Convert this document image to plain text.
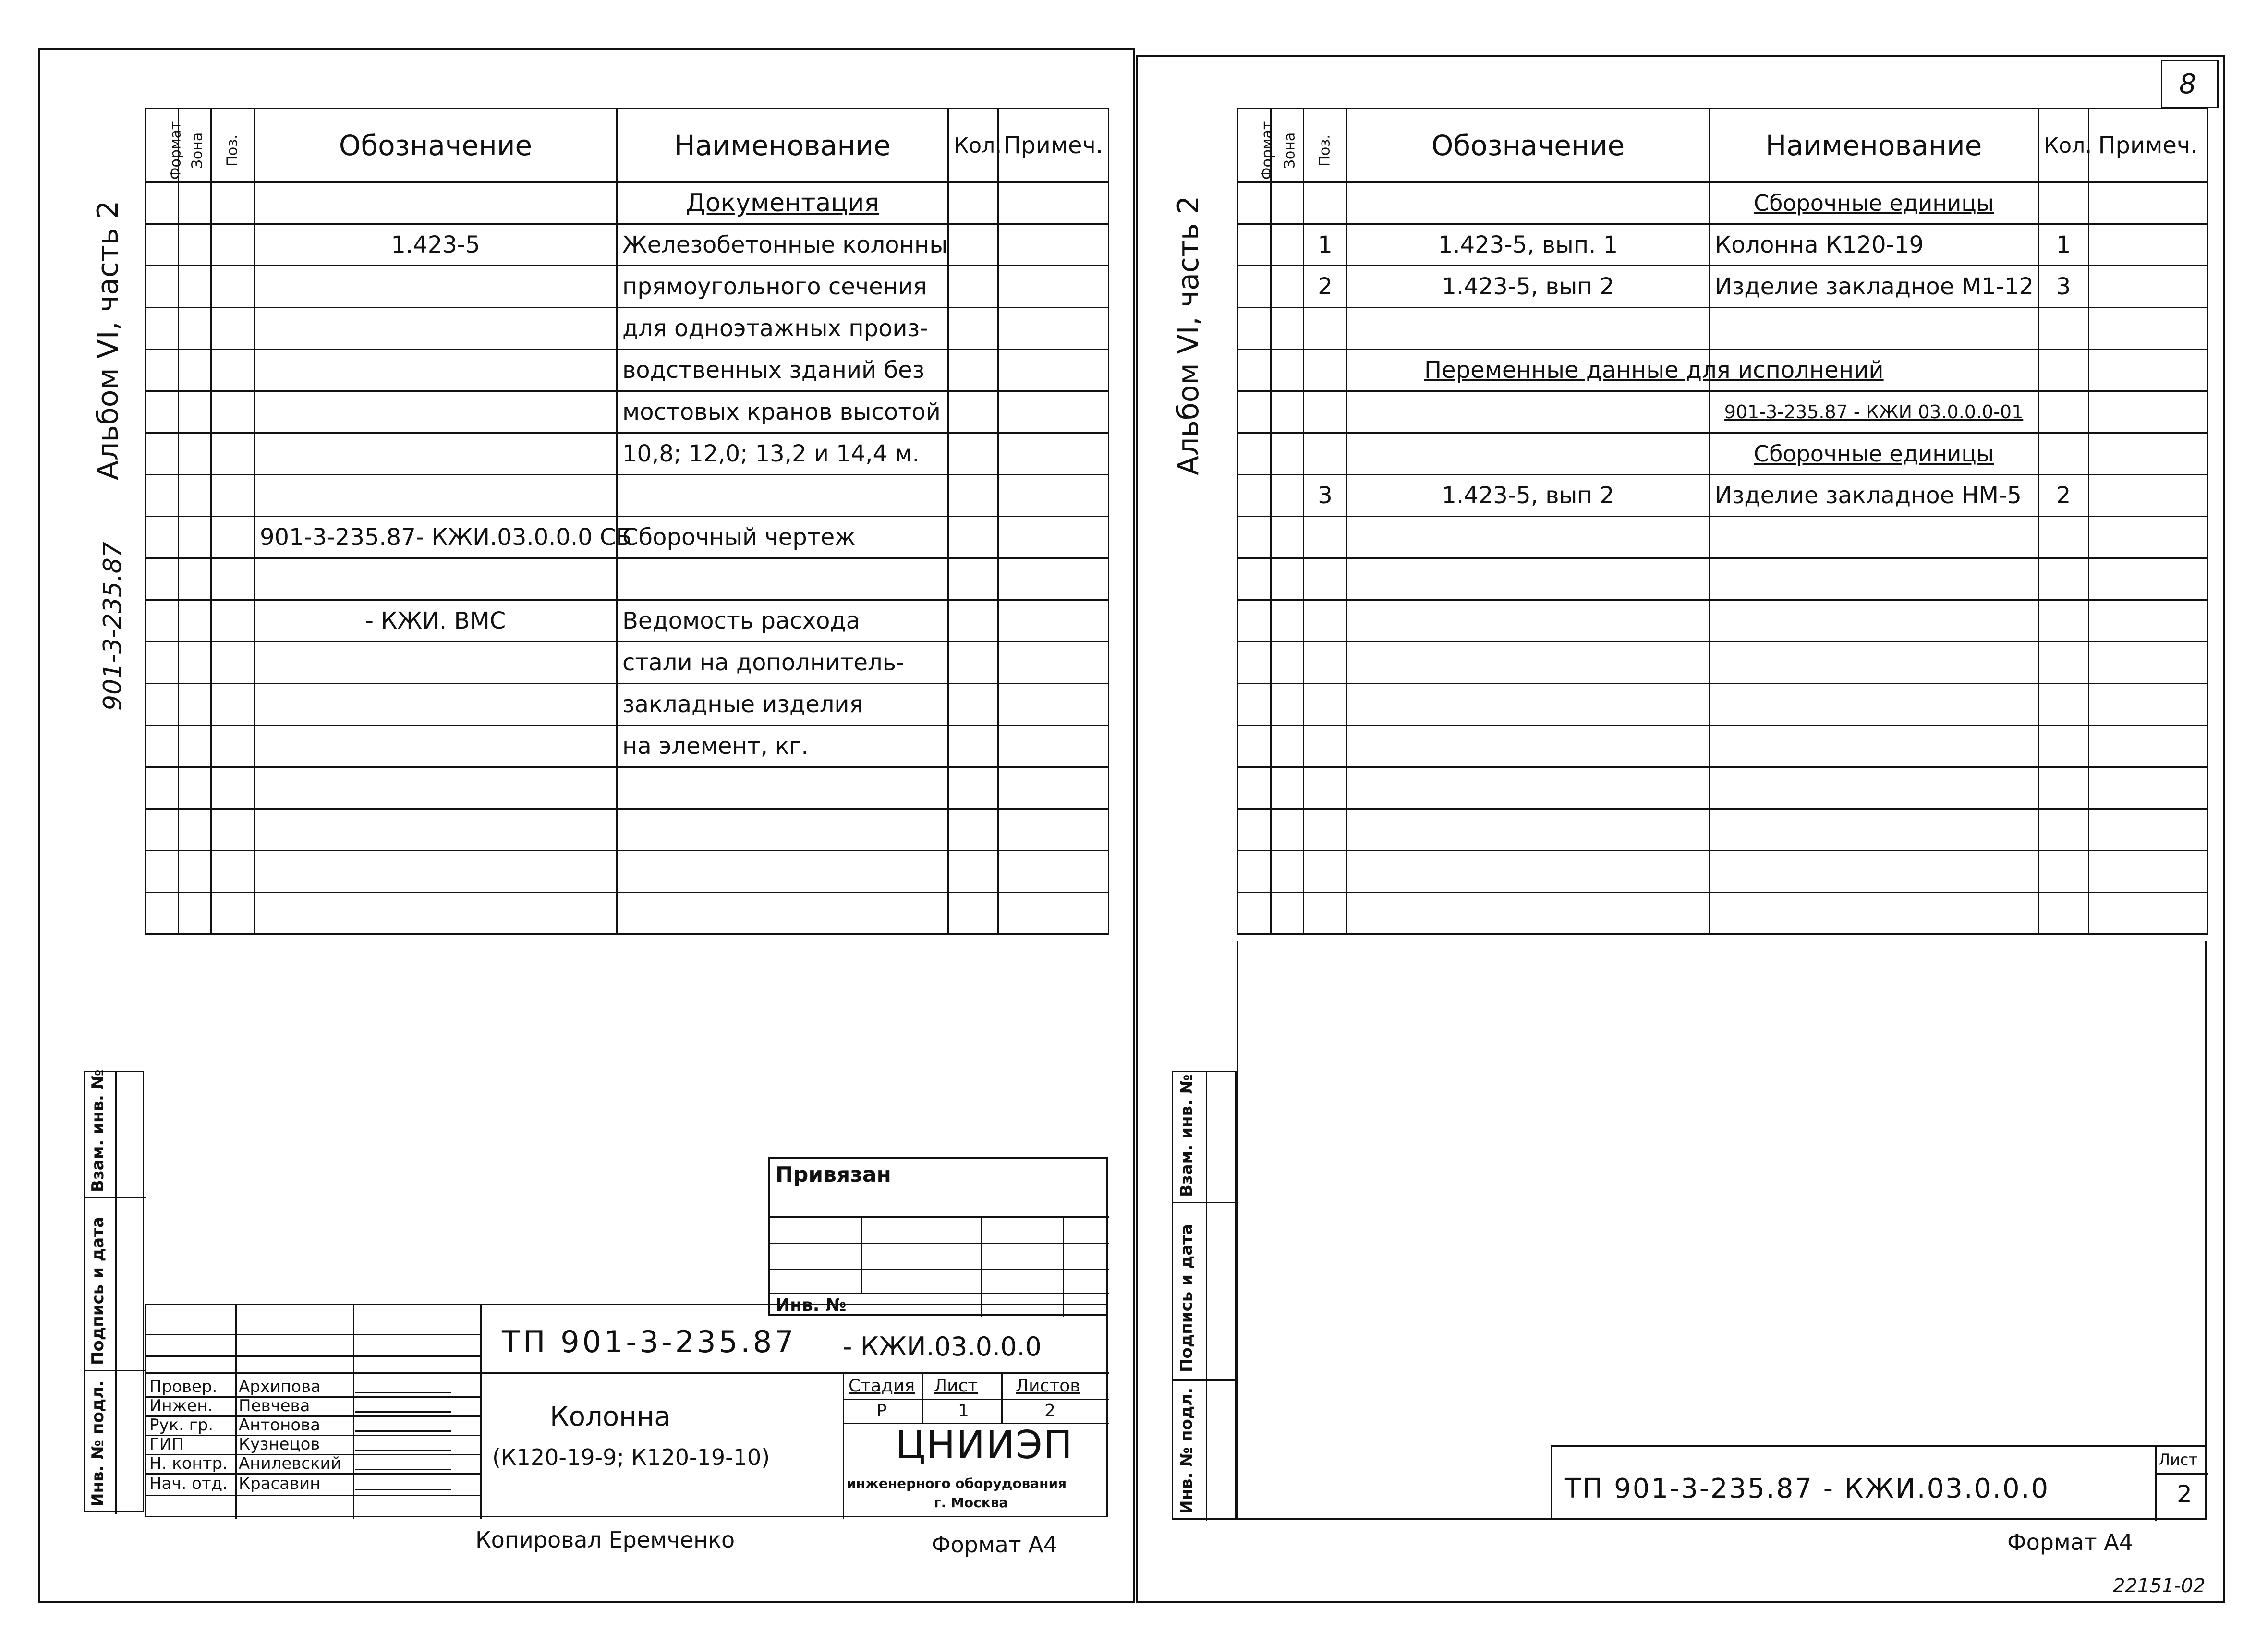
Альбом VI, часть 2
901-3-235.87
Формат	Зона	Поз.	Обозначение	Наименование	Кол.	Примеч.
				Документация		
			1.423-5	Железобетонные колонны		
				прямоугольного сечения		
				для одноэтажных произ-		
				водственных зданий без		
				мостовых кранов высотой		
				10,8; 12,0; 13,2 и 14,4 м.		

			901-3-235.87- КЖИ.03.0.0.0 СБ	Сборочный чертеж		

			- КЖИ. ВМС	Ведомость расхода		
				стали на дополнитель-		
				закладные изделия		
				на элемент, кг.		

Инв. № подл.
Подпись и дата
Взам. инв. №	Привязан
Инв. №
ТП 901-3-235.87 - КЖИ.03.0.0.0
Провер. Архипова
Инжен. Певчева
Рук. гр. Антонова
ГИП	Кузнецов
Н. контр. Анилевский
Нач. отд. Красавин
Колонна
(К120-19-9; К120-19-10)
Стадия Лист Листов
Р	1	2
ЦНИИЭП
инженерного оборудования
г. Москва
Копировал Еремченко	Формат А4
8
Альбом VI, часть 2
Формат	Зона	Поз.	Обозначение	Наименование	Кол.	Примеч.
				Сборочные единицы		
		1	1.423-5, вып. 1	Колонна К120-19	1	
		2	1.423-5, вып 2	Изделие закладное М1-12	3	

			Переменные данные для исполнений			
				901-3-235.87 - КЖИ 03.0.0.0-01		
				Сборочные единицы		
		3	1.423-5, вып 2	Изделие закладное НМ-5	2	

Инв. № подл.
Подпись и дата
Взам. инв. №
ТП 901-3-235.87 - КЖИ.03.0.0.0
Лист
2
Формат А4
22151-02
